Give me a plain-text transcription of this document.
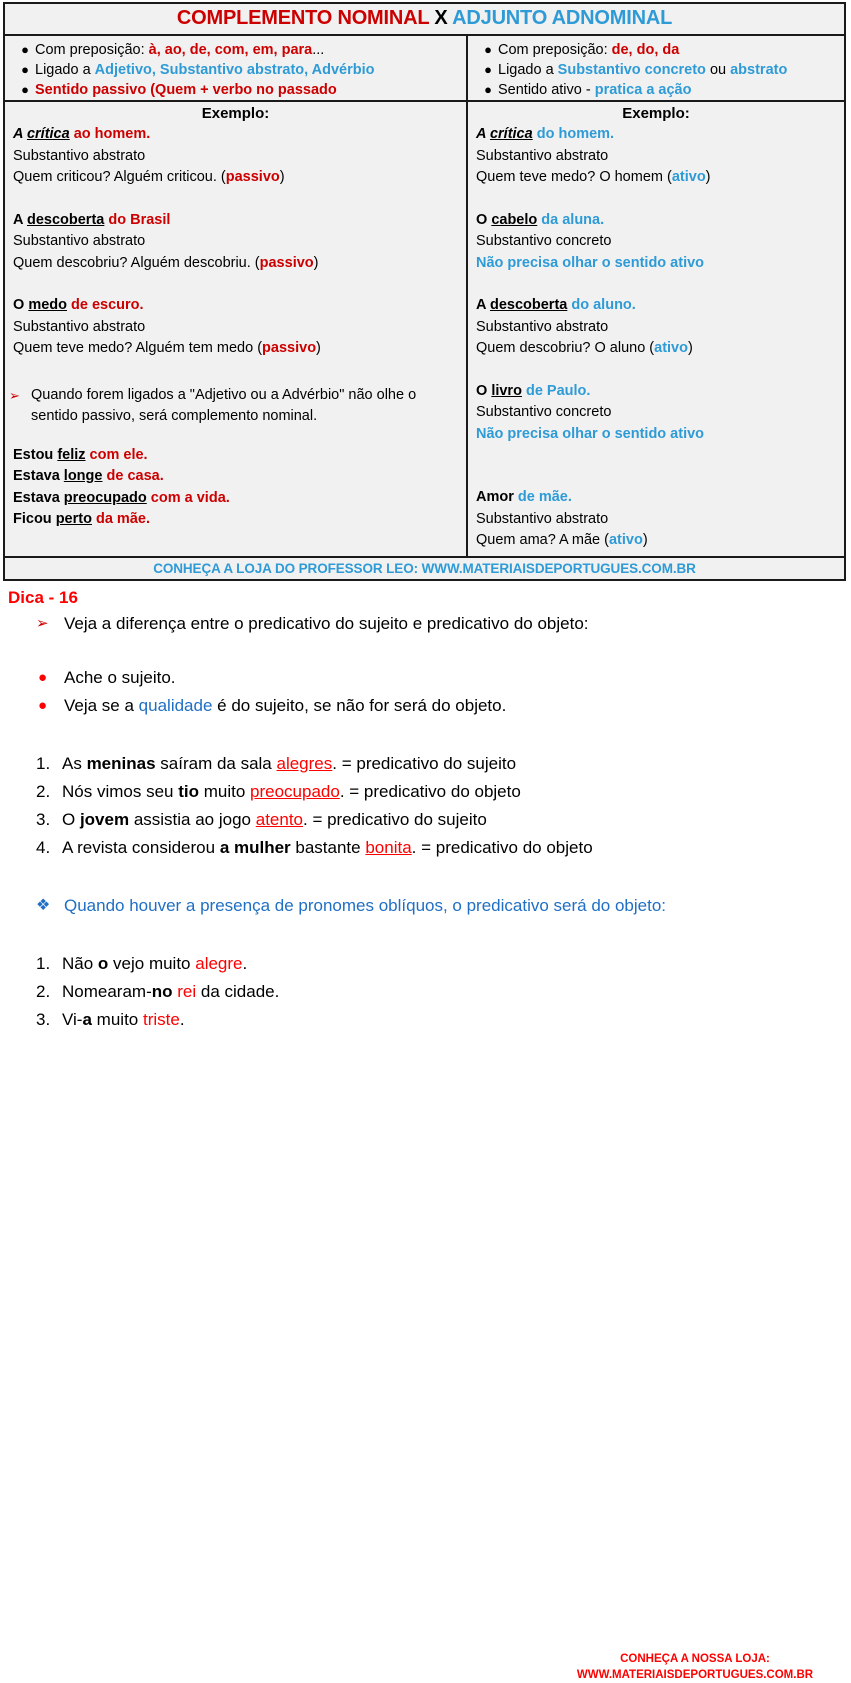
COMPLEMENTO NOMINAL X ADJUNTO ADNOMINAL
● Com preposição: à, ao, de, com, em, para...
● Ligado a Adjetivo, Substantivo abstrato, Advérbio
● Sentido passivo (Quem + verbo no passado
Exemplo:
A crítica ao homem.
Substantivo abstrato
Quem criticou? Alguém criticou. (passivo)
A descoberta do Brasil
Substantivo abstrato
Quem descobriu? Alguém descobriu. (passivo)
O medo de escuro.
Substantivo abstrato
Quem teve medo? Alguém tem medo (passivo)
➢ Quando forem ligados a "Adjetivo ou a Advérbio" não olhe o sentido passivo, será complemento nominal.
Estou feliz com ele.
Estava longe de casa.
Estava preocupado com a vida.
Ficou perto da mãe.
● Com preposição: de, do, da
● Ligado a Substantivo concreto ou abstrato
● Sentido ativo - pratica a ação
Exemplo:
A crítica do homem.
Substantivo abstrato
Quem teve medo? O homem (ativo)
O cabelo da aluna.
Substantivo concreto
Não precisa olhar o sentido ativo
A descoberta do aluno.
Substantivo abstrato
Quem descobriu? O aluno (ativo)
O livro de Paulo.
Substantivo concreto
Não precisa olhar o sentido ativo
Amor de mãe.
Substantivo abstrato
Quem ama? A mãe (ativo)
CONHEÇA A LOJA DO PROFESSOR LEO: WWW.MATERIAISDEPORTUGUES.COM.BR
Dica - 16
➢ Veja a diferença entre o predicativo do sujeito e predicativo do objeto:
● Ache o sujeito.
● Veja se a qualidade é do sujeito, se não for será do objeto.
1. As meninas saíram da sala alegres. = predicativo do sujeito
2. Nós vimos seu tio muito preocupado. = predicativo do objeto
3. O jovem assistia ao jogo atento. = predicativo do sujeito
4. A revista considerou a mulher bastante bonita. = predicativo do objeto
❖ Quando houver a presença de pronomes oblíquos, o predicativo será do objeto:
1. Não o vejo muito alegre.
2. Nomearam-no rei da cidade.
3. Vi-a muito triste.
CONHEÇA A NOSSA LOJA:
WWW.MATERIAISDEPORTUGUES.COM.BR
